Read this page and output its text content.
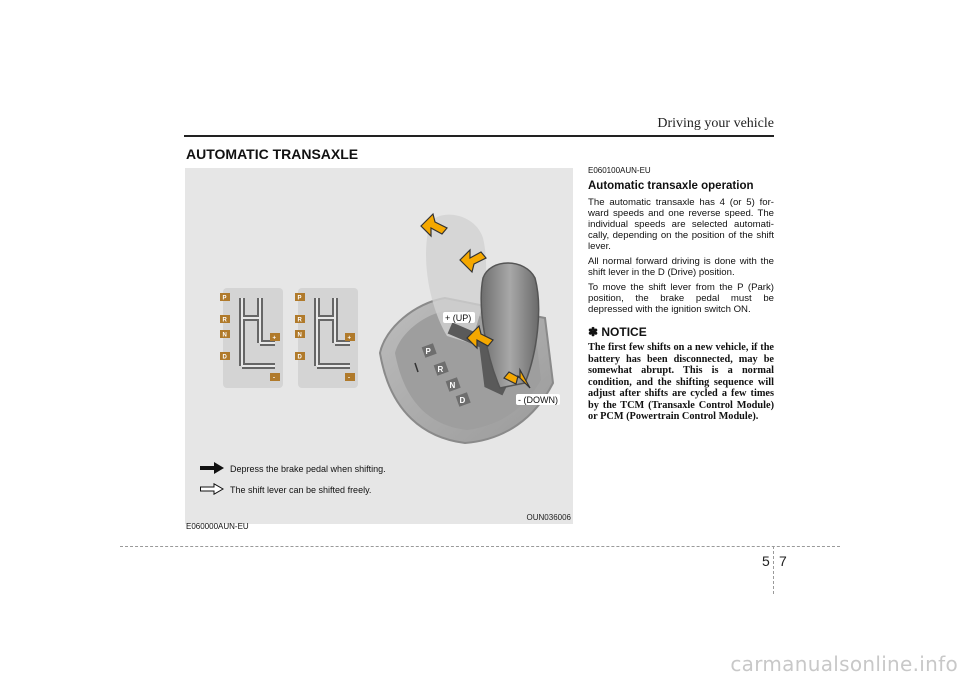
Driving your vehicle
AUTOMATIC TRANSAXLE
P
R
N
D
+
-
P
R
N
D
+
-
P
R
N
D
+ (UP)
- (DOWN)
Depress the brake pedal when shifting.
The shift lever can be shifted freely.
OUN036006
E060000AUN-EU
E060100AUN-EU
Automatic transaxle operation

The automatic transaxle has 4 (or 5) for-ward speeds and one reverse speed. The individual speeds are selected automati-cally, depending on the position of the shift lever.

All normal forward driving is done with the shift lever in the D (Drive) position.

To move the shift lever from the P (Park) position, the brake pedal must be depressed with the ignition switch ON.

✽ NOTICE
The first few shifts on a new vehicle, if the battery has been disconnected, may be somewhat abrupt. This is a normal condition, and the shifting sequence will adjust after shifts are cycled a few times by the TCM (Transaxle Control Module) or PCM (Powertrain Control Module).
5 7
carmanualsonline.info
